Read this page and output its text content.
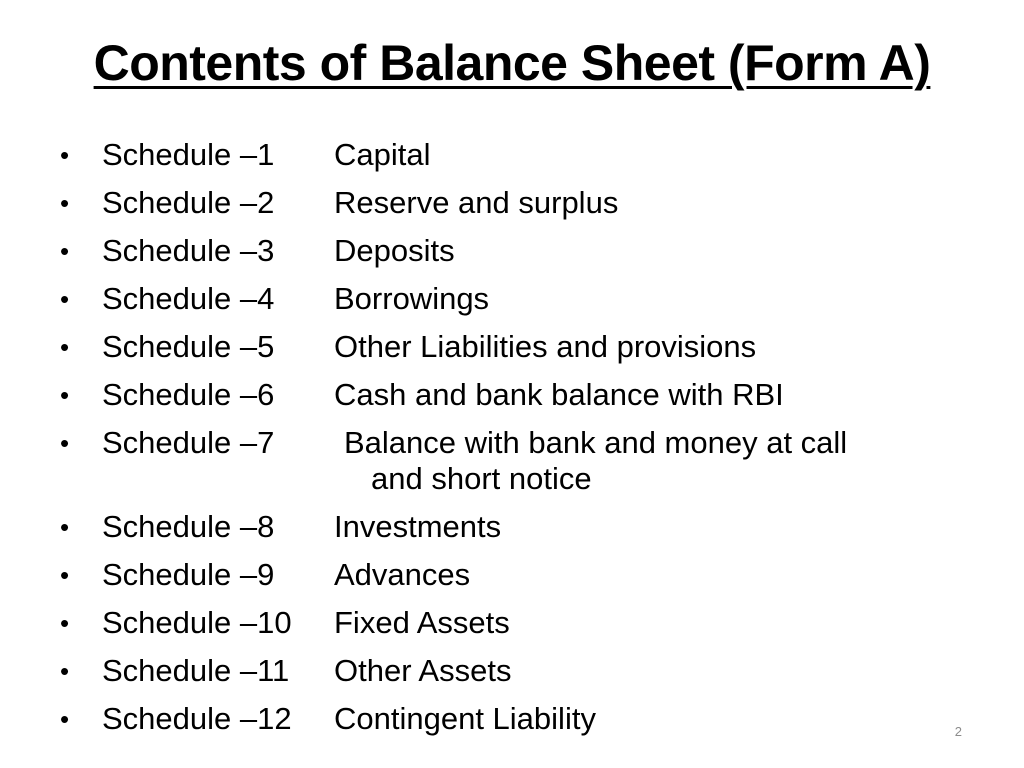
Contents of Balance Sheet (Form A)
•	Schedule –1	Capital
•	Schedule –2	Reserve and surplus
•	Schedule –3	Deposits
•	Schedule –4	Borrowings
•	Schedule –5	Other Liabilities and provisions
•	Schedule –6	Cash and bank balance with RBI
•	Schedule –7	Balance with bank and money at call
and short notice
•	Schedule –8	Investments
•	Schedule –9	Advances
•	Schedule –10	Fixed Assets
•	Schedule –11	Other Assets
•	Schedule –12	Contingent Liability	2
